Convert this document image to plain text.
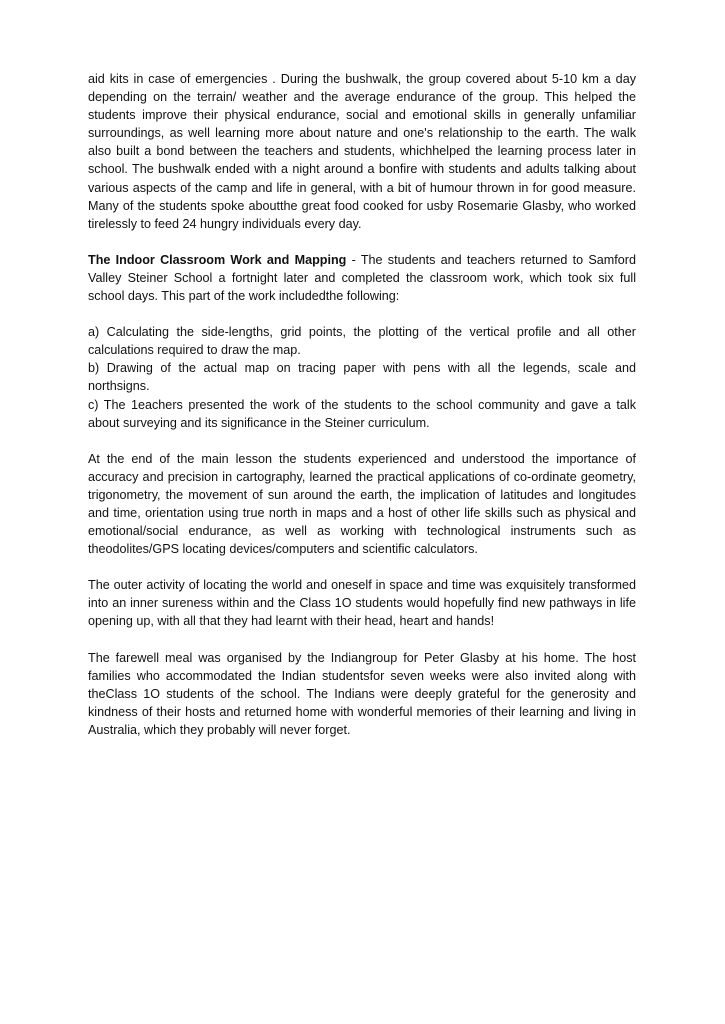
aid kits in case of emergencies . During the bushwalk, the group covered about 5-10 km a day depending on the terrain/ weather and the average endurance of the group. This helped the students improve their physical endurance, social and emotional skills in generally unfamiliar surroundings, as well learning more about nature and one's relationship to the earth. The walk also built a bond between the teachers and students, whichhelped the learning process later in school. The bushwalk ended with a night around a bonfire with students and adults talking about various aspects of the camp and life in general, with a bit of humour thrown in for good measure. Many of the students spoke aboutthe great food cooked for usby Rosemarie Glasby, who worked tirelessly to feed 24 hungry individuals every day.

The Indoor Classroom Work and Mapping - The students and teachers returned to Samford Valley Steiner School a fortnight later and completed the classroom work, which took six full school days. This part of the work includedthe following:

a) Calculating the side-lengths, grid points, the plotting of the vertical profile and all other calculations required to draw the map.

b) Drawing of the actual map on tracing paper with pens with all the legends, scale and northsigns.

c) The 1eachers presented the work of the students to the school community and gave a talk about surveying and its significance in the Steiner curriculum.

At the end of the main lesson the students experienced and understood the importance of accuracy and precision in cartography, learned the practical applications of co-ordinate geometry, trigonometry, the movement of sun around the earth, the implication of latitudes and longitudes and time, orientation using true north in maps and a host of other life skills such as physical and emotional/social endurance, as well as working with technological instruments such as theodolites/GPS locating devices/computers and scientific calculators.

The outer activity of locating the world and oneself in space and time was exquisitely transformed into an inner sureness within and the Class 1O students would hopefully find new pathways in life opening up, with all that they had learnt with their head, heart and hands!

The farewell meal was organised by the Indiangroup for Peter Glasby at his home. The host families who accommodated the Indian studentsfor seven weeks were also invited along with theClass 1O students of the school. The Indians were deeply grateful for the generosity and kindness of their hosts and returned home with wonderful memories of their learning and living in Australia, which they probably will never forget.
